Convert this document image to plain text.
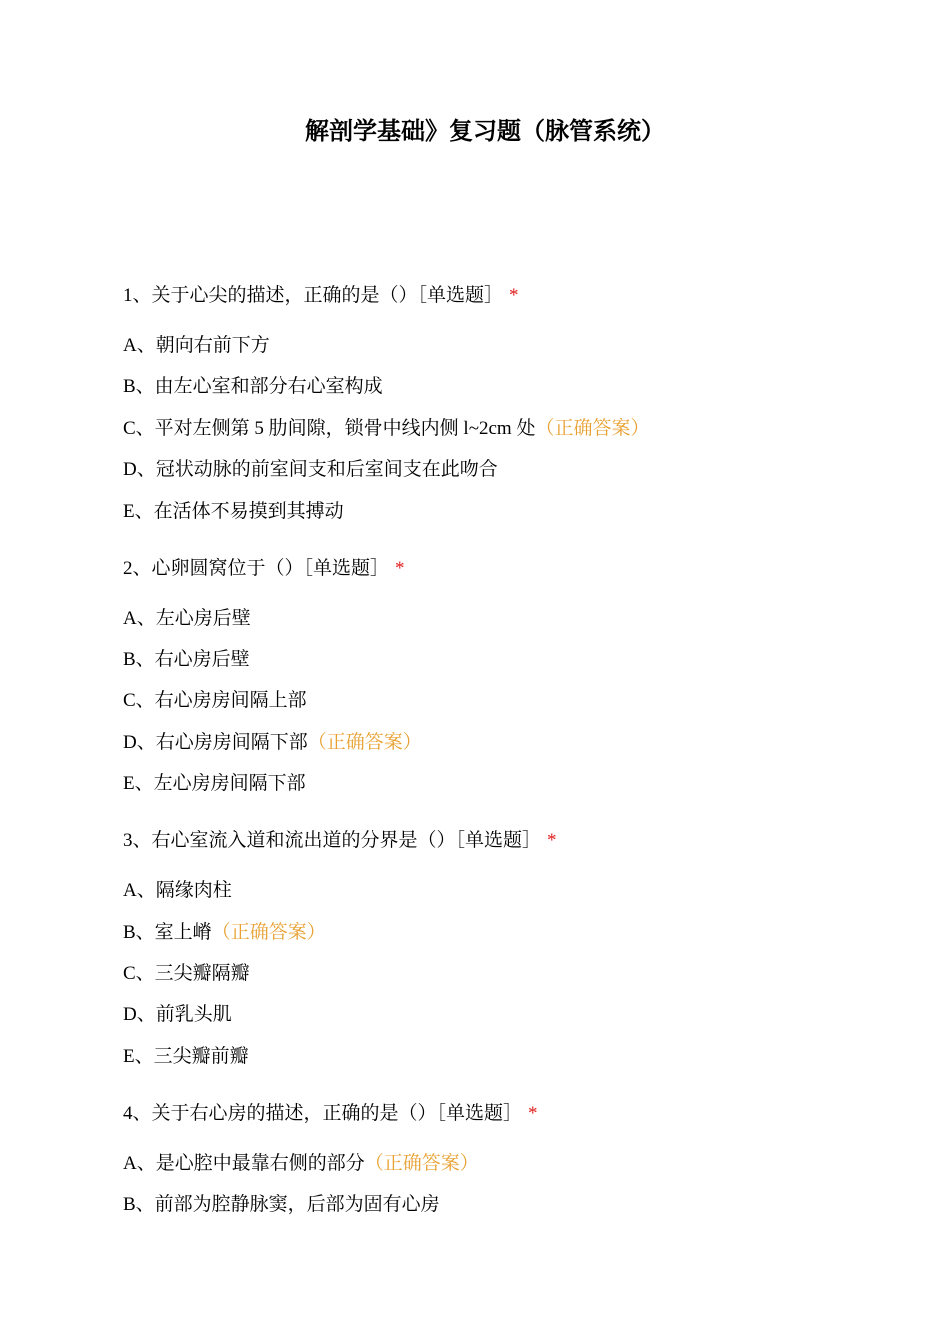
解剖学基础》复习题（脉管系统）
1、关于心尖的描述，正确的是（）［单选题］ *
A、朝向右前下方
B、由左心室和部分右心室构成
C、平对左侧第 5 肋间隙，锁骨中线内侧 l~2cm 处（正确答案）
D、冠状动脉的前室间支和后室间支在此吻合
E、在活体不易摸到其搏动
2、心卵圆窝位于（）［单选题］ *
A、左心房后壁
B、右心房后壁
C、右心房房间隔上部
D、右心房房间隔下部（正确答案）
E、左心房房间隔下部
3、右心室流入道和流出道的分界是（）［单选题］ *
A、隔缘肉柱
B、室上嵴（正确答案）
C、三尖瓣隔瓣
D、前乳头肌
E、三尖瓣前瓣
4、关于右心房的描述，正确的是（）［单选题］ *
A、是心腔中最靠右侧的部分（正确答案）
B、前部为腔静脉窦，后部为固有心房
